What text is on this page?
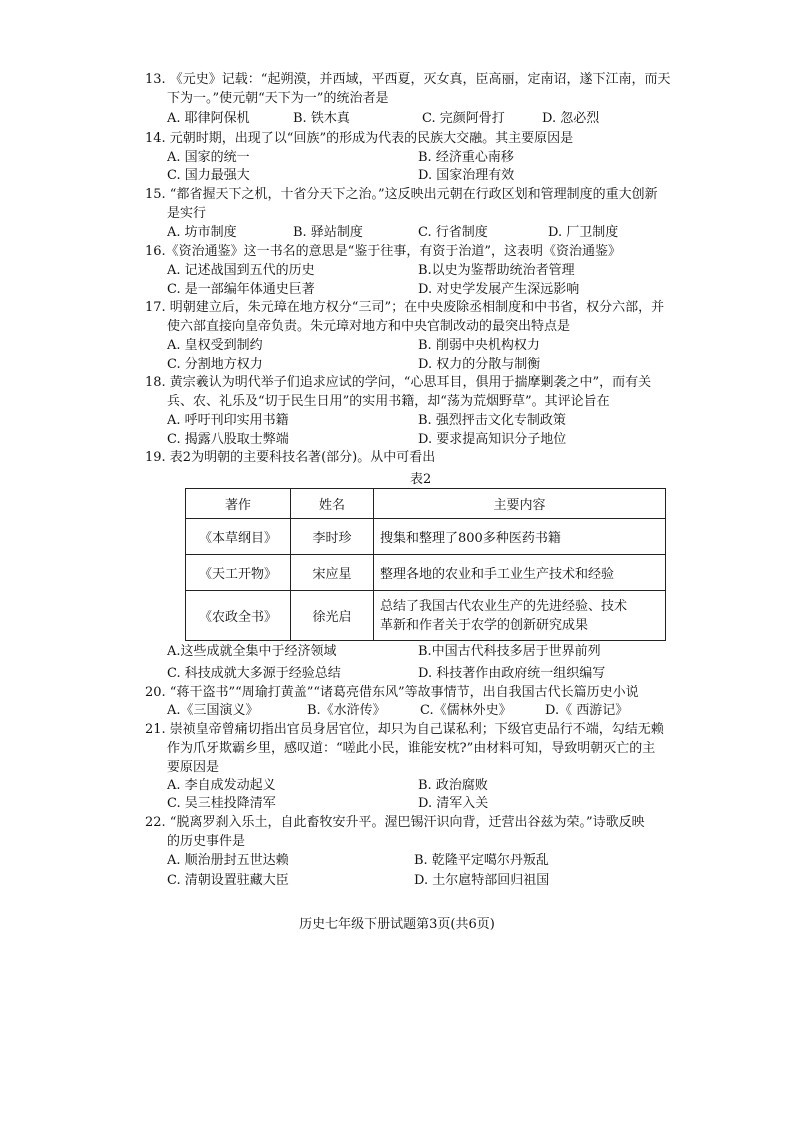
13. 《元史》记载：“起朔漠，并西域，平西夏，灭女真，臣高丽，定南诏，遂下江南，而天
下为一。”使元朝“天下为一”的统治者是
A. 耶律阿保机	B. 铁木真	C. 完颜阿骨打	D. 忽必烈
14. 元朝时期，出现了以“回族”的形成为代表的民族大交融。其主要原因是
A. 国家的统一	B. 经济重心南移
C. 国力最强大	D. 国家治理有效
15. “都省握天下之机，十省分天下之治。”这反映出元朝在行政区划和管理制度的重大创新
是实行
A. 坊市制度	B. 驿站制度	C. 行省制度	D. 厂卫制度
16.《资治通鉴》这一书名的意思是“鉴于往事，有资于治道”，这表明《资治通鉴》
A. 记述战国到五代的历史	B.以史为鉴帮助统治者管理
C. 是一部编年体通史巨著	D. 对史学发展产生深远影响
17. 明朝建立后，朱元璋在地方权分“三司”；在中央废除丞相制度和中书省，权分六部，并
使六部直接向皇帝负责。朱元璋对地方和中央官制改动的最突出特点是
A. 皇权受到制约	B. 削弱中央机构权力
C. 分割地方权力	D. 权力的分散与制衡
18. 黄宗羲认为明代举子们追求应试的学问，“心思耳目，俱用于揣摩剿袭之中”，而有关
兵、农、礼乐及“切于民生日用”的实用书籍，却“荡为荒烟野草”。其评论旨在
A. 呼吁刊印实用书籍	B. 强烈抨击文化专制政策
C. 揭露八股取士弊端	D. 要求提高知识分子地位
19. 表2为明朝的主要科技名著(部分)。从中可看出
表2
著作	姓名	主要内容
《本草纲目》	李时珍	搜集和整理了800多种医药书籍
《天工开物》	宋应星	整理各地的农业和手工业生产技术和经验
《农政全书》	徐光启	总结了我国古代农业生产的先进经验、技术
革新和作者关于农学的创新研究成果
A.这些成就全集中于经济领域	B.中国古代科技多居于世界前列
C. 科技成就大多源于经验总结	D. 科技著作由政府统一组织编写
20. “蒋干盗书”“周瑜打黄盖”“诸葛亮借东风”等故事情节，出自我国古代长篇历史小说
A.《三国演义》	B.《水浒传》	C.《儒林外史》	D.《 西游记》
21. 崇祯皇帝曾痛切指出官员身居官位，却只为自己谋私利；下级官吏品行不端，勾结无赖
作为爪牙欺霸乡里，感叹道：“嗟此小民，谁能安枕?”由材料可知，导致明朝灭亡的主
要原因是
A. 李自成发动起义	B. 政治腐败
C. 吴三桂投降清军	D. 清军入关
22. “脱离罗刹入乐土，自此畜牧安升平。渥巴锡汗识向背，迁营出谷兹为荣。”诗歌反映
的历史事件是
A. 顺治册封五世达赖	B. 乾隆平定噶尔丹叛乱
C. 清朝设置驻藏大臣	D. 土尔扈特部回归祖国
历史七年级下册试题第3页(共6页)
